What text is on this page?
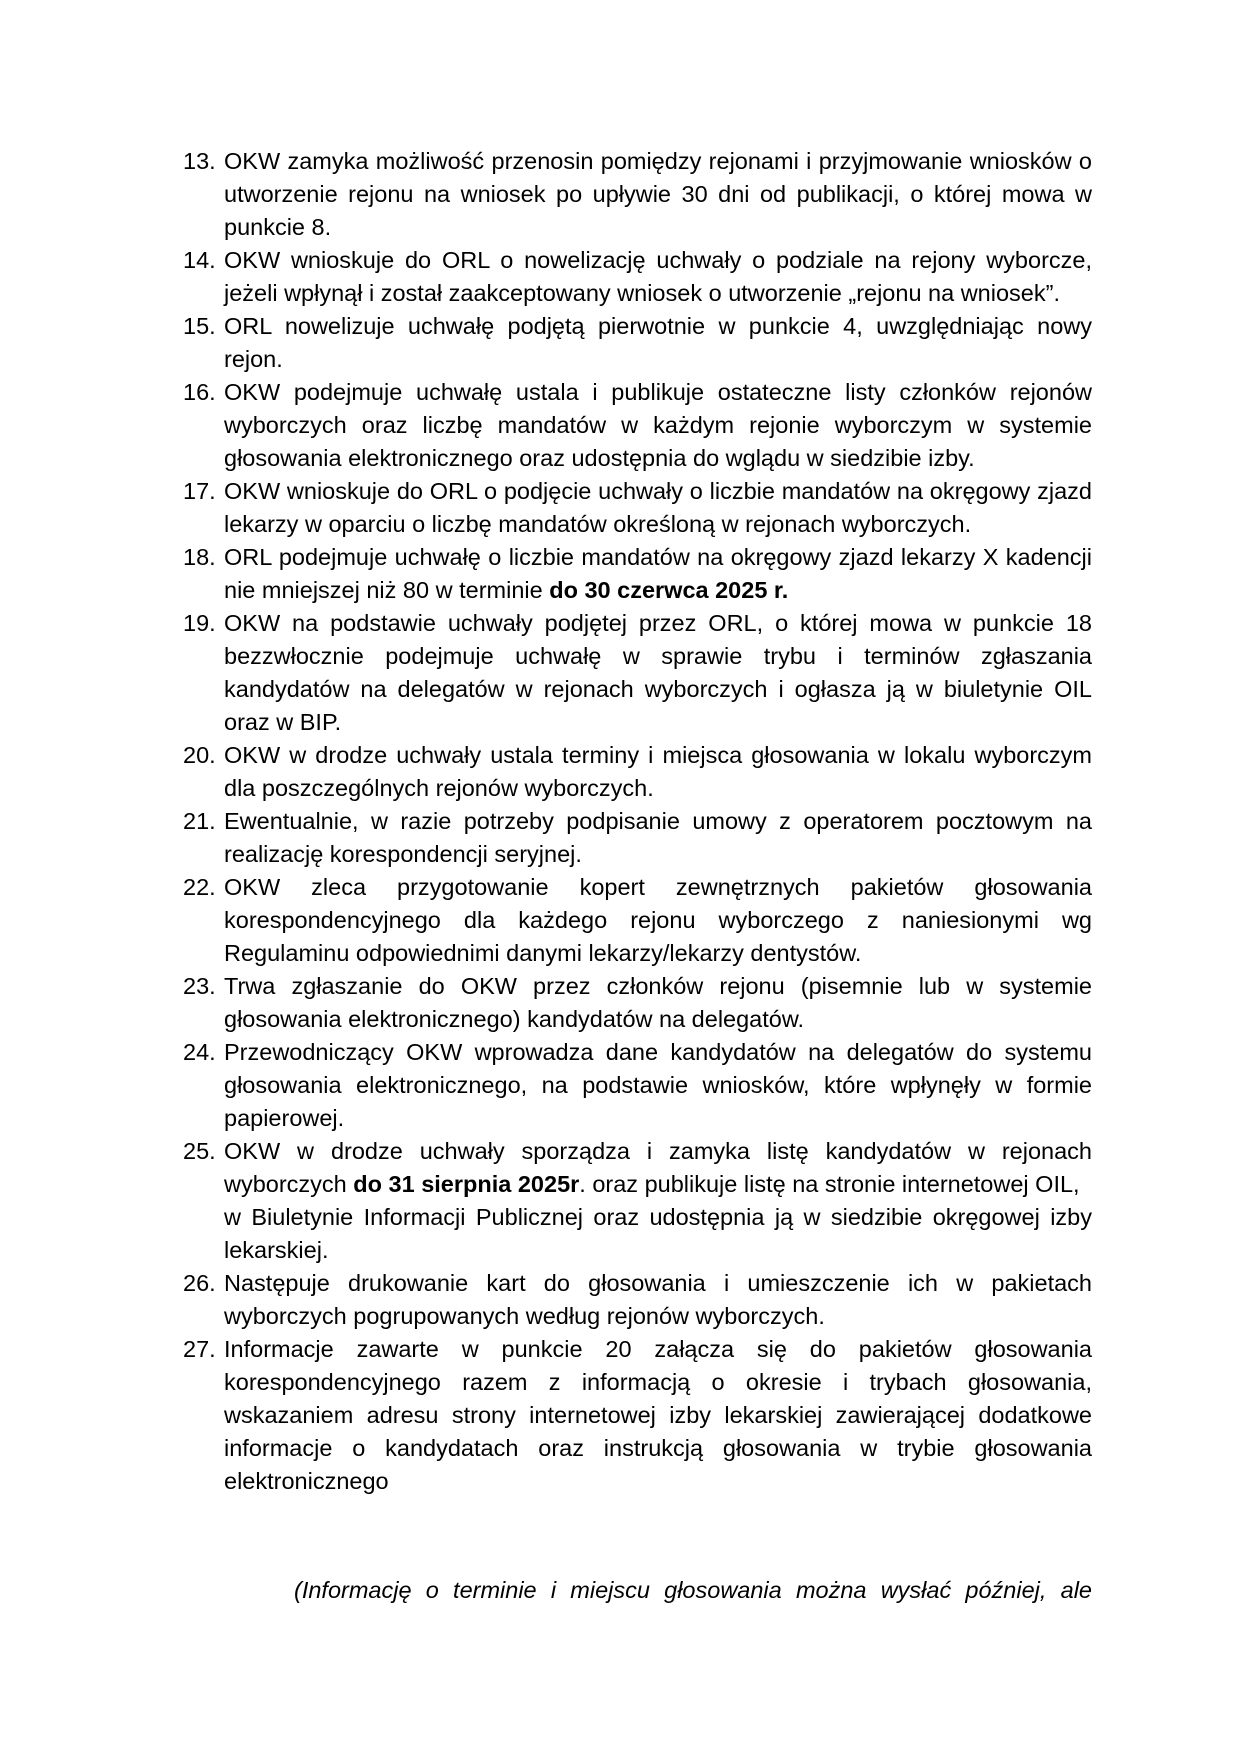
13. OKW zamyka możliwość przenosin pomiędzy rejonami i przyjmowanie wniosków o utworzenie rejonu na wniosek po upływie 30 dni od publikacji, o której mowa w punkcie 8.
14. OKW wnioskuje do ORL o nowelizację uchwały o podziale na rejony wyborcze, jeżeli wpłynął i został zaakceptowany wniosek o utworzenie „rejonu na wniosek”.
15. ORL nowelizuje uchwałę podjętą pierwotnie w punkcie 4, uwzględniając nowy rejon.
16. OKW podejmuje uchwałę ustala i publikuje ostateczne listy członków rejonów wyborczych oraz liczbę mandatów w każdym rejonie wyborczym w systemie głosowania elektronicznego oraz udostępnia do wglądu w siedzibie izby.
17. OKW wnioskuje do ORL o podjęcie uchwały o liczbie mandatów na okręgowy zjazd lekarzy w oparciu o liczbę mandatów określoną w rejonach wyborczych.
18. ORL podejmuje uchwałę o liczbie mandatów na okręgowy zjazd lekarzy X kadencji nie mniejszej niż 80 w terminie do 30 czerwca 2025 r.
19. OKW na podstawie uchwały podjętej przez ORL, o której mowa w punkcie 18 bezzwłocznie podejmuje uchwałę w sprawie trybu i terminów zgłaszania kandydatów na delegatów w rejonach wyborczych i ogłasza ją w biuletynie OIL oraz w BIP.
20. OKW w drodze uchwały ustala terminy i miejsca głosowania w lokalu wyborczym dla poszczególnych rejonów wyborczych.
21. Ewentualnie, w razie potrzeby podpisanie umowy z operatorem pocztowym na realizację korespondencji seryjnej.
22. OKW zleca przygotowanie kopert zewnętrznych pakietów głosowania korespondencyjnego dla każdego rejonu wyborczego z naniesionymi wg Regulaminu odpowiednimi danymi lekarzy/lekarzy dentystów.
23. Trwa zgłaszanie do OKW przez członków rejonu (pisemnie lub w systemie głosowania elektronicznego) kandydatów na delegatów.
24. Przewodniczący OKW wprowadza dane kandydatów na delegatów do systemu głosowania elektronicznego, na podstawie wniosków, które wpłynęły w formie papierowej.
25. OKW w drodze uchwały sporządza i zamyka listę kandydatów w rejonach wyborczych do 31 sierpnia 2025r. oraz publikuje listę na stronie internetowej OIL,
w Biuletynie Informacji Publicznej oraz udostępnia ją w siedzibie okręgowej izby lekarskiej.
26. Następuje drukowanie kart do głosowania i umieszczenie ich w pakietach wyborczych pogrupowanych według rejonów wyborczych.
27. Informacje zawarte w punkcie 20 załącza się do pakietów głosowania korespondencyjnego razem z informacją o okresie i trybach głosowania, wskazaniem adresu strony internetowej izby lekarskiej zawierającej dodatkowe informacje o kandydatach oraz instrukcją głosowania w trybie głosowania elektronicznego
(Informację o terminie i miejscu głosowania można wysłać później, ale
